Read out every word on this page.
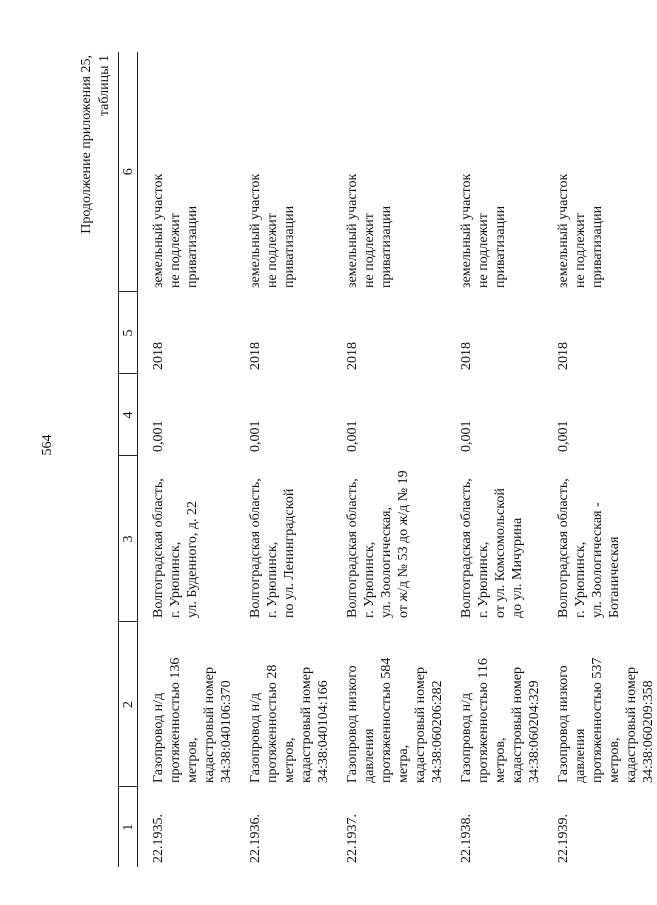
564
Продолжение приложения 25,
таблицы 1
1	2	3	4	5	6
22.1935.	Газопровод н/д
протяженностью 136 метров,
кадастровый номер
34:38:040106:370	Волгоградская область,
г. Урюпинск,
ул. Буденного, д. 22	0,001	2018	земельный участок
не подлежит
приватизации
22.1936.	Газопровод н/д
протяженностью 28 метров,
кадастровый номер
34:38:040104:166	Волгоградская область,
г. Урюпинск,
по ул. Ленинградской	0,001	2018	земельный участок
не подлежит
приватизации
22.1937.	Газопровод низкого давления
протяженностью 584 метра,
кадастровый номер
34:38:060206:282	Волгоградская область,
г. Урюпинск,
ул. Зоологическая,
от ж/д № 53 до ж/д № 19	0,001	2018	земельный участок
не подлежит
приватизации
22.1938.	Газопровод н/д
протяженностью 116 метров,
кадастровый номер
34:38:060204:329	Волгоградская область,
г. Урюпинск,
от ул. Комсомольской
до ул. Мичурина	0,001	2018	земельный участок
не подлежит
приватизации
22.1939.	Газопровод низкого давления
протяженностью 537 метров,
кадастровый номер
34:38:060209:358	Волгоградская область,
г. Урюпинск,
ул. Зоологическая -
Ботаническая	0,001	2018	земельный участок
не подлежит
приватизации
